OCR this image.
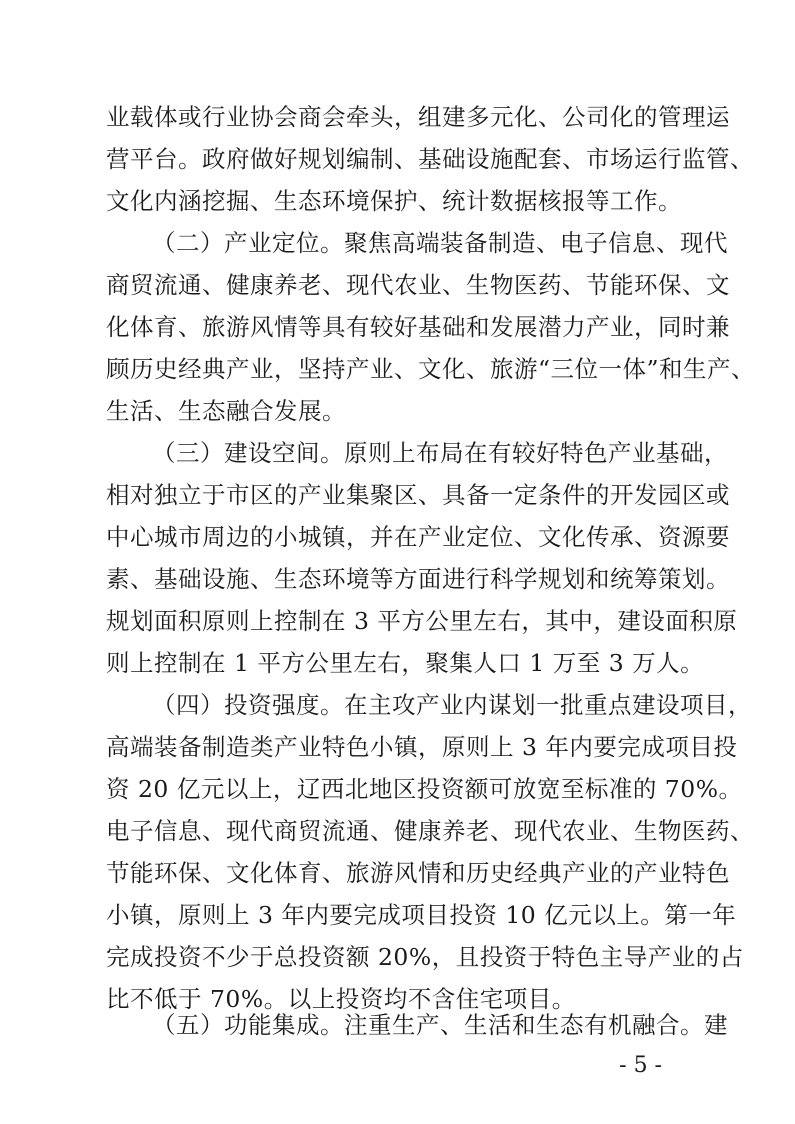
业载体或行业协会商会牵头，组建多元化、公司化的管理运
营平台。政府做好规划编制、基础设施配套、市场运行监管、
文化内涵挖掘、生态环境保护、统计数据核报等工作。
（二）产业定位。聚焦高端装备制造、电子信息、现代
商贸流通、健康养老、现代农业、生物医药、节能环保、文
化体育、旅游风情等具有较好基础和发展潜力产业，同时兼
顾历史经典产业，坚持产业、文化、旅游“三位一体”和生产、
生活、生态融合发展。
（三）建设空间。原则上布局在有较好特色产业基础，
相对独立于市区的产业集聚区、具备一定条件的开发园区或
中心城市周边的小城镇，并在产业定位、文化传承、资源要
素、基础设施、生态环境等方面进行科学规划和统筹策划。
规划面积原则上控制在 3 平方公里左右，其中，建设面积原
则上控制在 1 平方公里左右，聚集人口 1 万至 3 万人。
（四）投资强度。在主攻产业内谋划一批重点建设项目，
高端装备制造类产业特色小镇，原则上 3 年内要完成项目投
资 20 亿元以上，辽西北地区投资额可放宽至标准的 70%。
电子信息、现代商贸流通、健康养老、现代农业、生物医药、
节能环保、文化体育、旅游风情和历史经典产业的产业特色
小镇，原则上 3 年内要完成项目投资 10 亿元以上。第一年
完成投资不少于总投资额 20%，且投资于特色主导产业的占
比不低于 70%。以上投资均不含住宅项目。
（五）功能集成。注重生产、生活和生态有机融合。建
- 5 -
